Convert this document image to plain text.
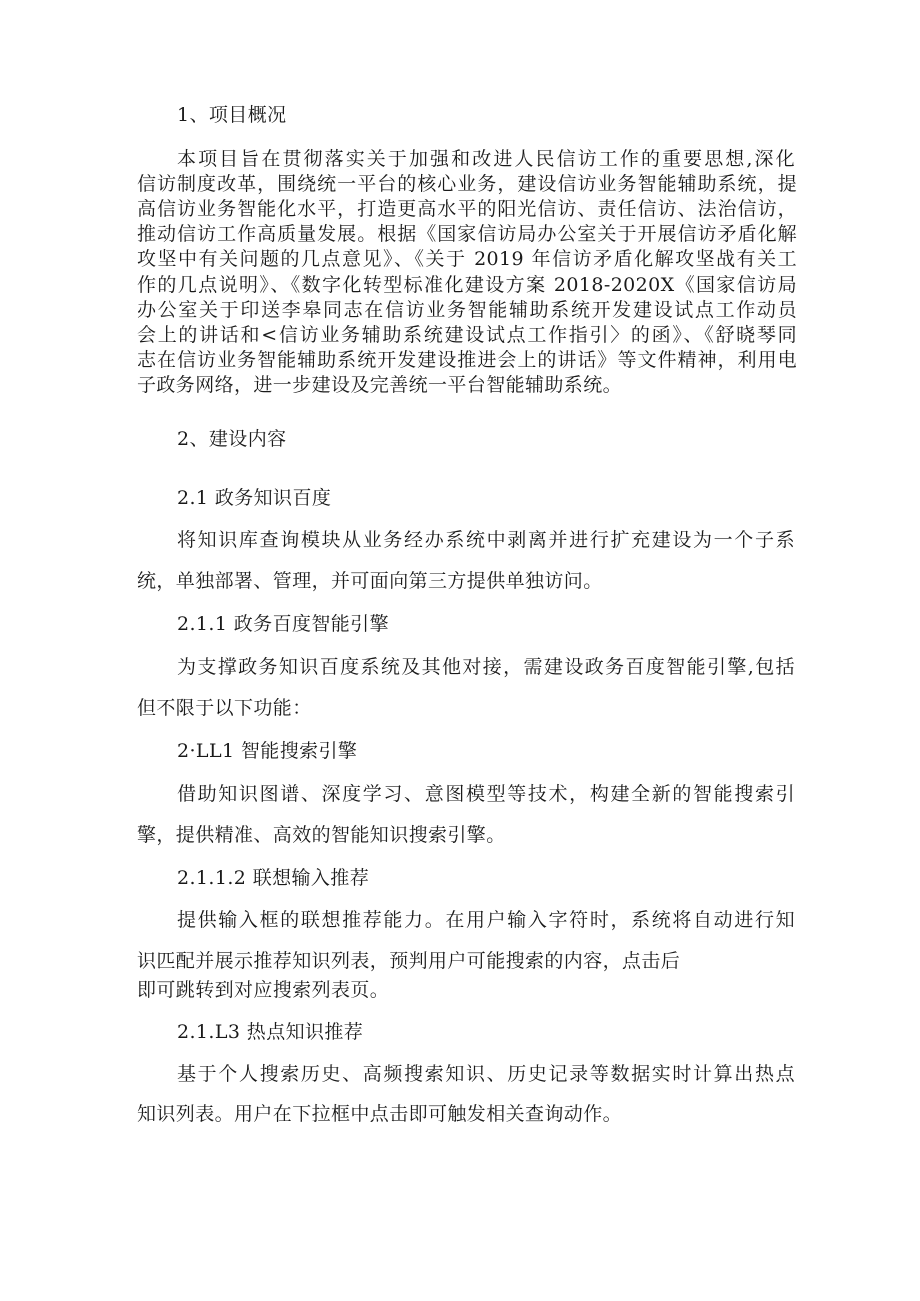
1、项目概况
本项目旨在贯彻落实关于加强和改进人民信访工作的重要思想,深化
信访制度改革，围绕统一平台的核心业务，建设信访业务智能辅助系统，提
高信访业务智能化水平，打造更高水平的阳光信访、责任信访、法治信访，
推动信访工作高质量发展。根据《国家信访局办公室关于开展信访矛盾化解
攻坚中有关问题的几点意见》、《关于 2019 年信访矛盾化解攻坚战有关工
作的几点说明》、《数字化转型标准化建设方案 2018-2020X《国家信访局
办公室关于印送李皋同志在信访业务智能辅助系统开发建设试点工作动员
会上的讲话和<信访业务辅助系统建设试点工作指引〉的函》、《舒晓琴同
志在信访业务智能辅助系统开发建设推进会上的讲话》等文件精神，利用电
子政务网络，进一步建设及完善统一平台智能辅助系统。
2、建设内容
2.1 政务知识百度
将知识库查询模块从业务经办系统中剥离并进行扩充建设为一个子系
统，单独部署、管理，并可面向第三方提供单独访问。
2.1.1 政务百度智能引擎
为支撑政务知识百度系统及其他对接，需建设政务百度智能引擎,包括
但不限于以下功能：
2·LL1 智能搜索引擎
借助知识图谱、深度学习、意图模型等技术，构建全新的智能搜索引
擎，提供精准、高效的智能知识搜索引擎。
2.1.1.2 联想输入推荐
提供输入框的联想推荐能力。在用户输入字符时，系统将自动进行知
识匹配并展示推荐知识列表，预判用户可能搜索的内容，点击后
即可跳转到对应搜索列表页。
2.1.L3 热点知识推荐
基于个人搜索历史、高频搜索知识、历史记录等数据实时计算出热点
知识列表。用户在下拉框中点击即可触发相关查询动作。
